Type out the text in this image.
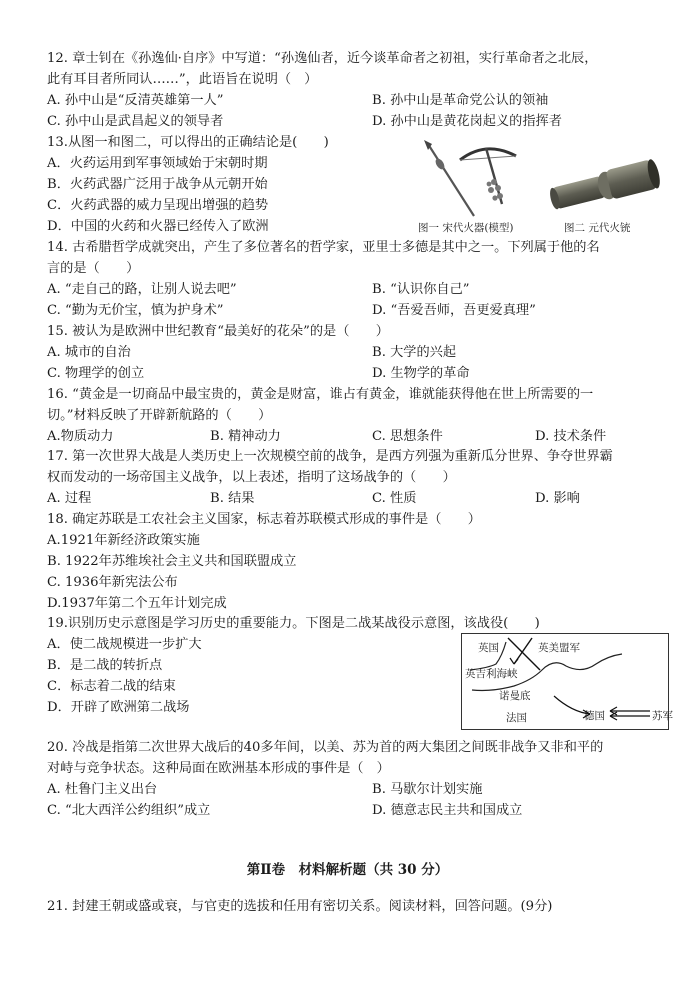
12. 章士钊在《孙逸仙·自序》中写道：“孙逸仙者，近今谈革命者之初祖，实行革命者之北辰，
此有耳目者所同认……”，此语旨在说明（　）
A. 孙中山是“反清英雄第一人”	B. 孙中山是革命党公认的领袖
C. 孙中山是武昌起义的领导者	D. 孙中山是黄花岗起义的指挥者
13.从图一和图二，可以得出的正确结论是(　　)
A．火药运用到军事领域始于宋朝时期
B．火药武器广泛用于战争从元朝开始
C．火药武器的威力呈现出增强的趋势
D．中国的火药和火器已经传入了欧洲	图一 宋代火器(模型)	图二 元代火铳
14. 古希腊哲学成就突出，产生了多位著名的哲学家，亚里士多德是其中之一。下列属于他的名
言的是（　　）
A. “走自己的路，让别人说去吧”	B. “认识你自己”
C. “勤为无价宝，慎为护身术”	D. “吾爱吾师，吾更爱真理”
15. 被认为是欧洲中世纪教育“最美好的花朵”的是（　　）
A. 城市的自治	B. 大学的兴起
C. 物理学的创立	D. 生物学的革命
16. “黄金是一切商品中最宝贵的，黄金是财富，谁占有黄金，谁就能获得他在世上所需要的一
切。”材料反映了开辟新航路的（　　）
A.物质动力	B. 精神动力	C. 思想条件	D. 技术条件
17. 第一次世界大战是人类历史上一次规模空前的战争，是西方列强为重新瓜分世界、争夺世界霸
权而发动的一场帝国主义战争，以上表述，指明了这场战争的（　　）
A. 过程	B. 结果	C. 性质	D. 影响
18. 确定苏联是工农社会主义国家，标志着苏联模式形成的事件是（　　）
A.1921年新经济政策实施
B. 1922年苏维埃社会主义共和国联盟成立
C. 1936年新宪法公布
D.1937年第二个五年计划完成
19.识别历史示意图是学习历史的重要能力。下图是二战某战役示意图，该战役(　　)
A．使二战规模进一步扩大
B．是二战的转折点
C．标志着二战的结束
D．开辟了欧洲第二战场
英国	英美盟军
英吉利海峡
诺曼底
法国	德国	苏军
20. 冷战是指第二次世界大战后的40多年间，以美、苏为首的两大集团之间既非战争又非和平的
对峙与竞争状态。这种局面在欧洲基本形成的事件是（　）
A. 杜鲁门主义出台	B. 马歇尔计划实施
C. “北大西洋公约组织”成立	D. 德意志民主共和国成立
第Ⅱ卷　材料解析题（共 30 分）
21. 封建王朝或盛或衰，与官吏的选拔和任用有密切关系。阅读材料，回答问题。(9分)
